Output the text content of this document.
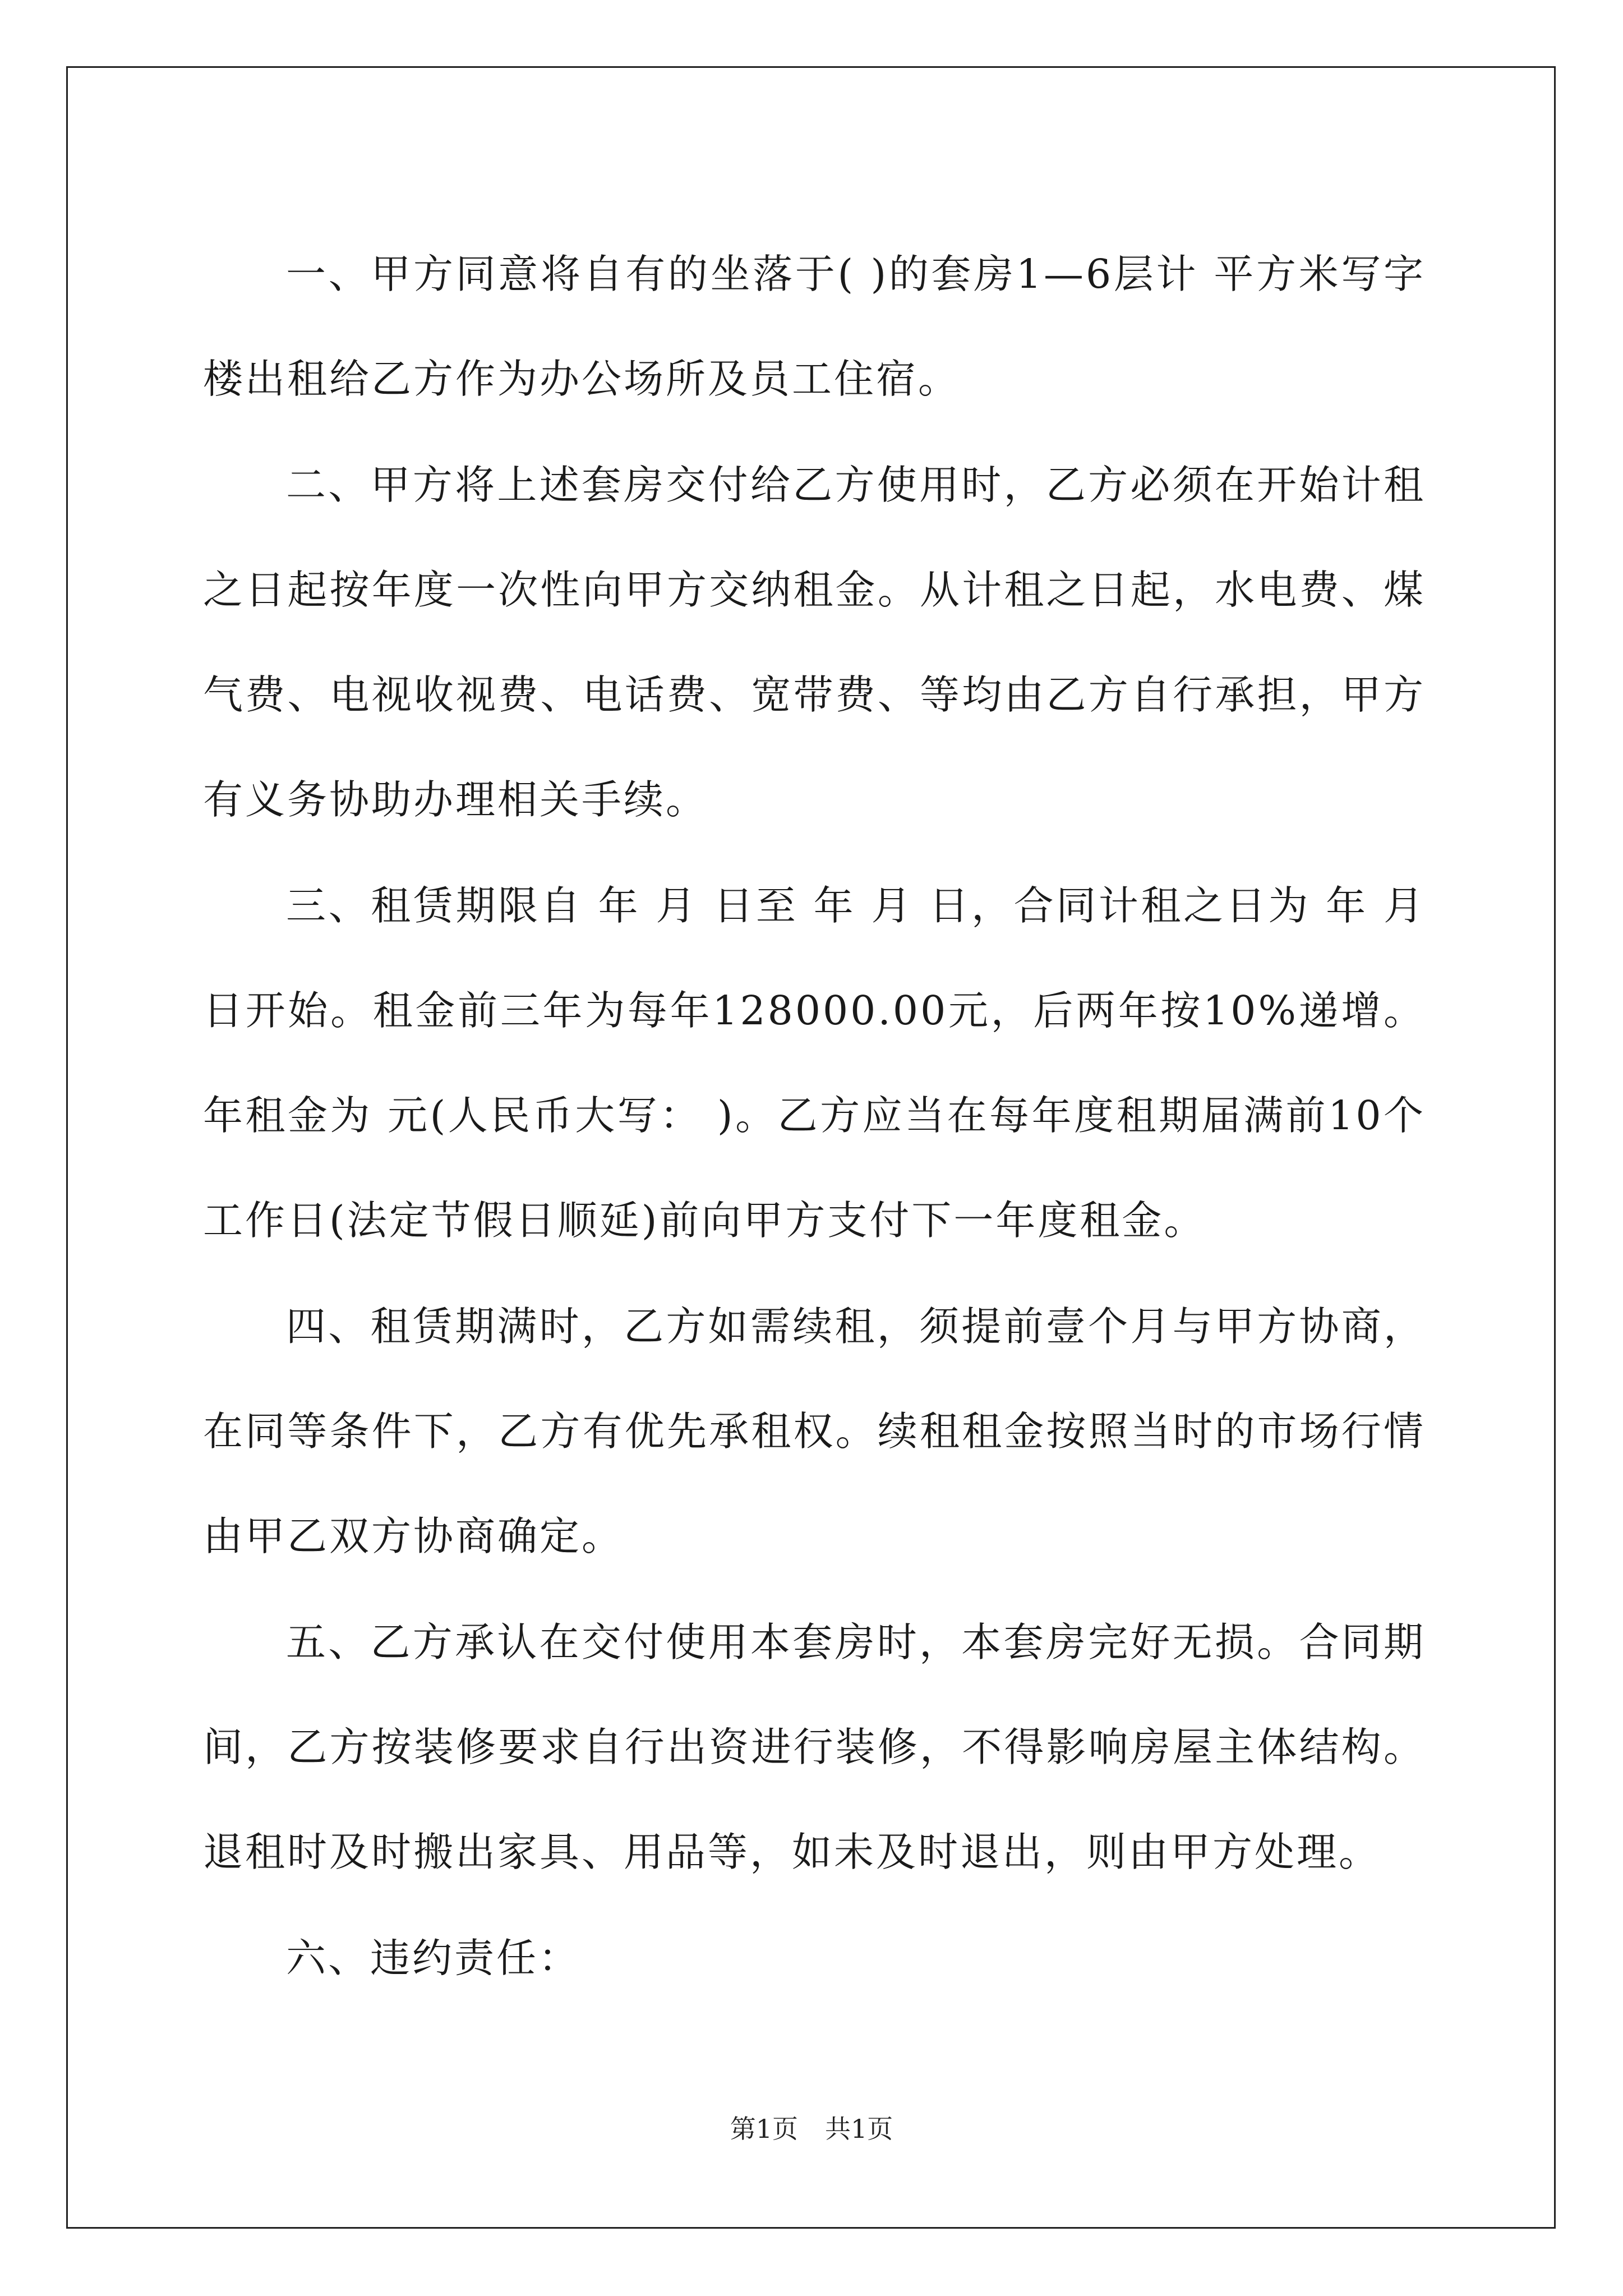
一、甲方同意将自有的坐落于( )的套房1—6层计 平方米写字楼出租给乙方作为办公场所及员工住宿。

二、甲方将上述套房交付给乙方使用时，乙方必须在开始计租之日起按年度一次性向甲方交纳租金。从计租之日起，水电费、煤气费、电视收视费、电话费、宽带费、等均由乙方自行承担，甲方有义务协助办理相关手续。

三、租赁期限自 年 月 日至 年 月 日，合同计租之日为 年 月 日开始。租金前三年为每年128000.00元，后两年按10%递增。年租金为 元(人民币大写： )。乙方应当在每年度租期届满前10个工作日(法定节假日顺延)前向甲方支付下一年度租金。

四、租赁期满时，乙方如需续租，须提前壹个月与甲方协商，在同等条件下，乙方有优先承租权。续租租金按照当时的市场行情由甲乙双方协商确定。

五、乙方承认在交付使用本套房时，本套房完好无损。合同期间，乙方按装修要求自行出资进行装修，不得影响房屋主体结构。退租时及时搬出家具、用品等，如未及时退出，则由甲方处理。

六、违约责任：

第1页 共1页
